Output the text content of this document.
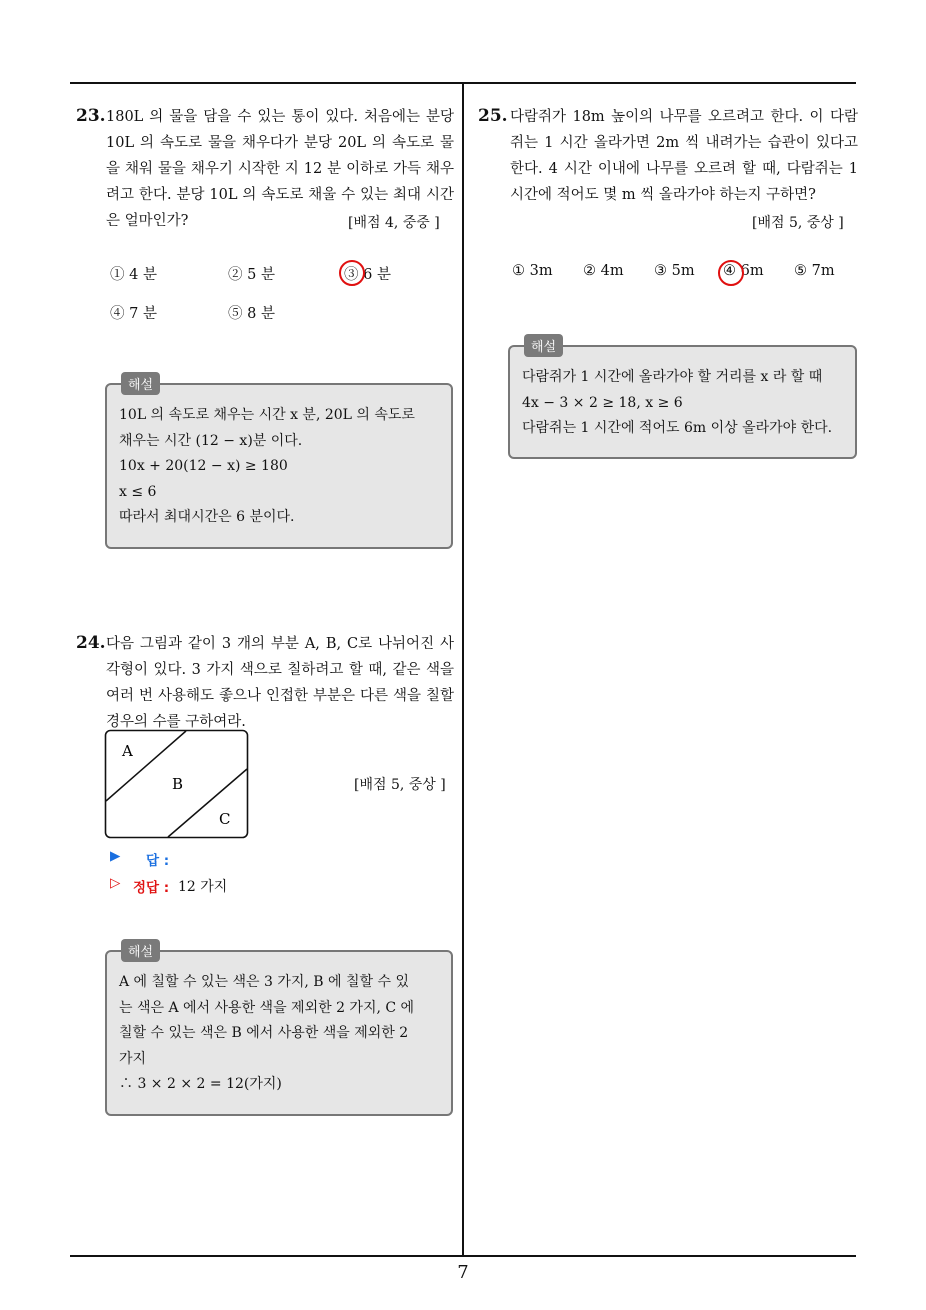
23. 180L 의 물을 담을 수 있는 통이 있다. 처음에는 분당 10L 의 속도로 물을 채우다가 분당 20L 의 속도로 물을 채워 물을 채우기 시작한 지 12 분 이하로 가득 채우려고 한다. 분당 10L 의 속도로 채울 수 있는 최대 시간은 얼마인가?	[배점 4, 중중 ]
① 4 분	② 5 분	③ 6 분
④ 7 분	⑤ 8 분
해설
10L 의 속도로 채우는 시간 x 분, 20L 의 속도로
채우는 시간 (12 − x)분 이다.
10x + 20(12 − x) ≥ 180
x ≤ 6
따라서 최대시간은 6 분이다.
24. 다음 그림과 같이 3 개의 부분 A, B, C로 나뉘어진 사각형이 있다. 3 가지 색으로 칠하려고 할 때, 같은 색을 여러 번 사용해도 좋으나 인접한 부분은 다른 색을 칠할 경우의 수를 구하여라.
A
B
C
[배점 5, 중상 ]
▶ 답 :
▷ 정답 : 12 가지
해설
A 에 칠할 수 있는 색은 3 가지, B 에 칠할 수 있
는 색은 A 에서 사용한 색을 제외한 2 가지, C 에
칠할 수 있는 색은 B 에서 사용한 색을 제외한 2
가지
∴ 3 × 2 × 2 = 12(가지)
25. 다람쥐가 18m 높이의 나무를 오르려고 한다. 이 다람쥐는 1 시간 올라가면 2m 씩 내려가는 습관이 있다고 한다. 4 시간 이내에 나무를 오르려 할 때, 다람쥐는 1 시간에 적어도 몇 m 씩 올라가야 하는지 구하면?
[배점 5, 중상 ]
① 3m ② 4m ③ 5m ④ 6m ⑤ 7m
해설
다람쥐가 1 시간에 올라가야 할 거리를 x 라 할 때
4x − 3 × 2 ≥ 18, x ≥ 6
다람쥐는 1 시간에 적어도 6m 이상 올라가야 한다.
7
